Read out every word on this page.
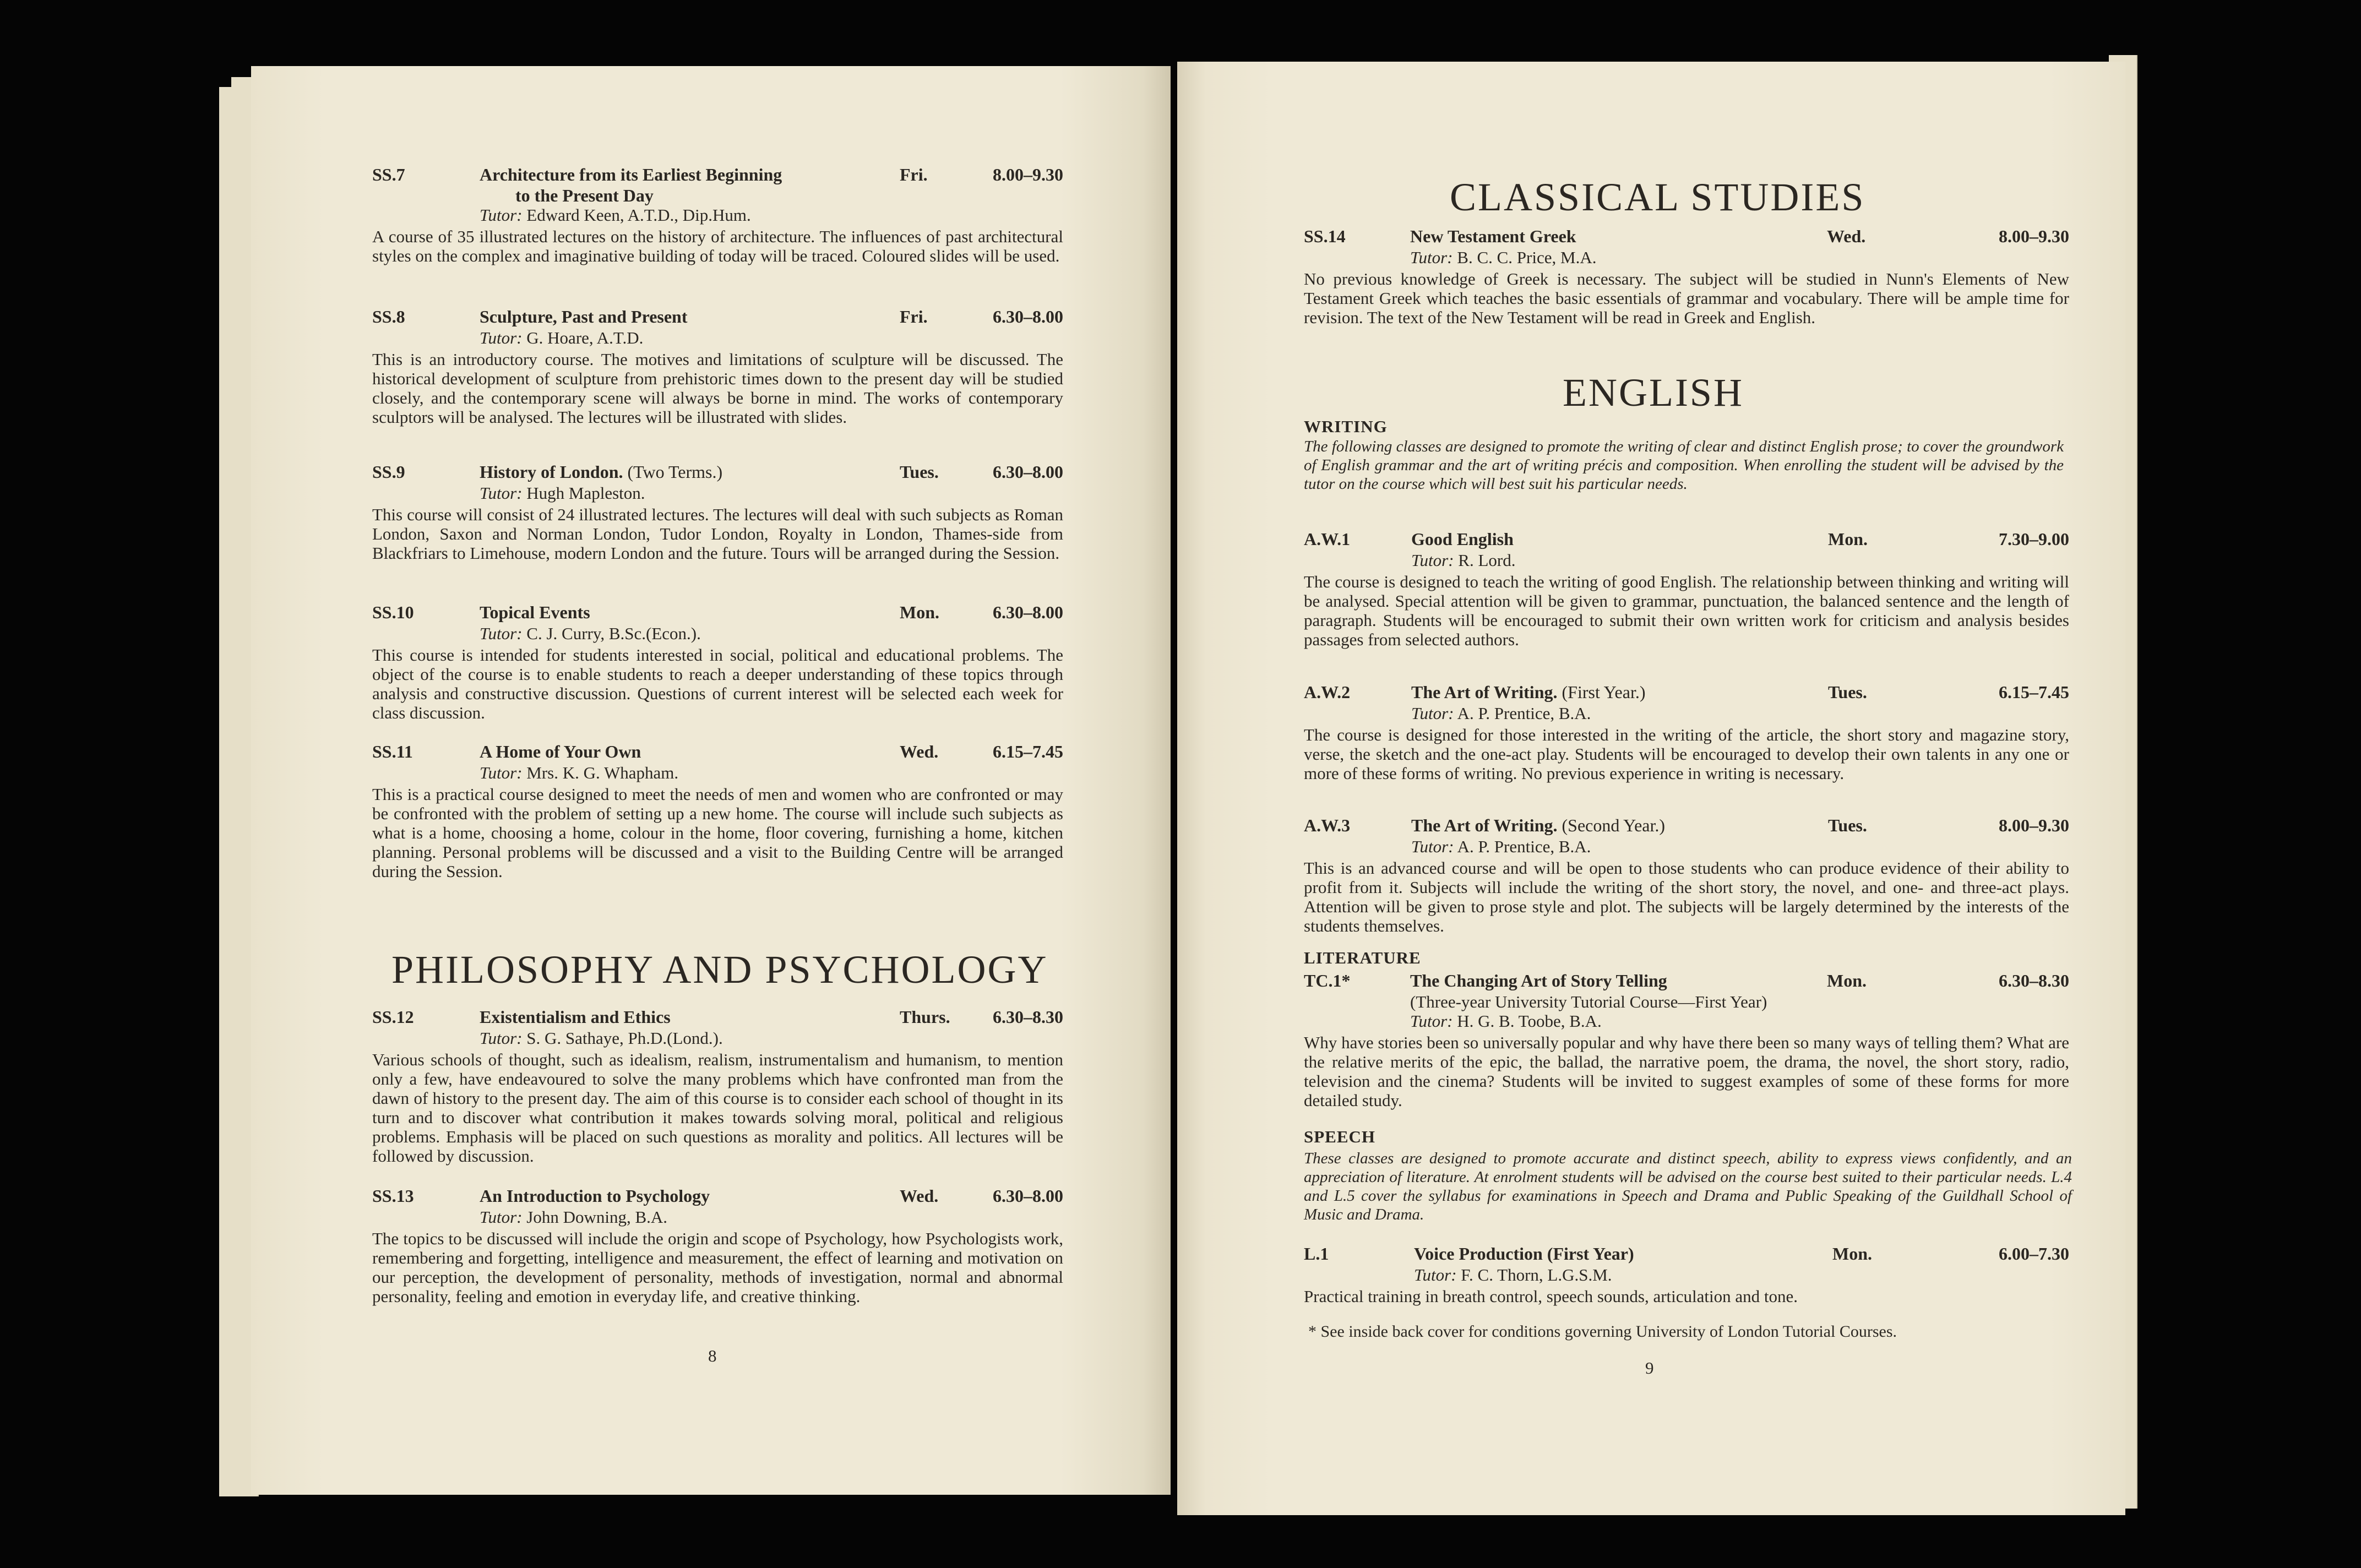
SS.7	Architecture from its Earliest Beginning	Fri.	8.00–9.30
to the Present Day
Tutor: Edward Keen, A.T.D., Dip.Hum.
A course of 35 illustrated lectures on the history of architecture. The influences of past architectural styles on the complex and imaginative building of today will be traced. Coloured slides will be used.
SS.8	Sculpture, Past and Present	Fri.	6.30–8.00
Tutor: G. Hoare, A.T.D.
This is an introductory course. The motives and limitations of sculpture will be discussed. The historical development of sculpture from prehistoric times down to the present day will be studied closely, and the contemporary scene will always be borne in mind. The works of contemporary sculptors will be analysed. The lectures will be illustrated with slides.
SS.9	History of London. (Two Terms.)	Tues.	6.30–8.00
Tutor: Hugh Mapleston.
This course will consist of 24 illustrated lectures. The lectures will deal with such subjects as Roman London, Saxon and Norman London, Tudor London, Royalty in London, Thames-side from Blackfriars to Limehouse, modern London and the future. Tours will be arranged during the Session.
SS.10	Topical Events	Mon.	6.30–8.00
Tutor: C. J. Curry, B.Sc.(Econ.).
This course is intended for students interested in social, political and educational problems. The object of the course is to enable students to reach a deeper understanding of these topics through analysis and constructive discussion. Questions of current interest will be selected each week for class discussion.
SS.11	A Home of Your Own	Wed.	6.15–7.45
Tutor: Mrs. K. G. Whapham.
This is a practical course designed to meet the needs of men and women who are confronted or may be confronted with the problem of setting up a new home. The course will include such subjects as what is a home, choosing a home, colour in the home, floor covering, furnishing a home, kitchen planning. Personal problems will be discussed and a visit to the Building Centre will be arranged during the Session.
PHILOSOPHY AND PSYCHOLOGY
SS.12	Existentialism and Ethics	Thurs. 6.30–8.30
Tutor: S. G. Sathaye, Ph.D.(Lond.).
Various schools of thought, such as idealism, realism, instrumentalism and humanism, to mention only a few, have endeavoured to solve the many problems which have confronted man from the dawn of history to the present day. The aim of this course is to consider each school of thought in its turn and to discover what contribution it makes towards solving moral, political and religious problems. Emphasis will be placed on such questions as morality and politics. All lectures will be followed by discussion.
SS.13	An Introduction to Psychology	Wed.	6.30–8.00
Tutor: John Downing, B.A.
The topics to be discussed will include the origin and scope of Psychology, how Psychologists work, remembering and forgetting, intelligence and measurement, the effect of learning and motivation on our perception, the development of personality, methods of investigation, normal and abnormal personality, feeling and emotion in everyday life, and creative thinking.
8
CLASSICAL STUDIES
SS.14	New Testament Greek	Wed.	8.00–9.30
Tutor: B. C. C. Price, M.A.
No previous knowledge of Greek is necessary. The subject will be studied in Nunn's Elements of New Testament Greek which teaches the basic essentials of grammar and vocabulary. There will be ample time for revision. The text of the New Testament will be read in Greek and English.
ENGLISH
WRITING
The following classes are designed to promote the writing of clear and distinct English prose; to cover the groundwork of English grammar and the art of writing précis and composition. When enrolling the student will be advised by the tutor on the course which will best suit his particular needs.
A.W.1	Good English	Mon.	7.30–9.00
Tutor: R. Lord.
The course is designed to teach the writing of good English. The relationship between thinking and writing will be analysed. Special attention will be given to grammar, punctuation, the balanced sentence and the length of paragraph. Students will be encouraged to submit their own written work for criticism and analysis besides passages from selected authors.
A.W.2	The Art of Writing. (First Year.)	Tues.	6.15–7.45
Tutor: A. P. Prentice, B.A.
The course is designed for those interested in the writing of the article, the short story and magazine story, verse, the sketch and the one-act play. Students will be encouraged to develop their own talents in any one or more of these forms of writing. No previous experience in writing is necessary.
A.W.3	The Art of Writing. (Second Year.)	Tues.	8.00–9.30
Tutor: A. P. Prentice, B.A.
This is an advanced course and will be open to those students who can produce evidence of their ability to profit from it. Subjects will include the writing of the short story, the novel, and one- and three-act plays. Attention will be given to prose style and plot. The subjects will be largely determined by the interests of the students themselves.
LITERATURE
TC.1*	The Changing Art of Story Telling	Mon.	6.30–8.30
(Three-year University Tutorial Course—First Year)
Tutor: H. G. B. Toobe, B.A.
Why have stories been so universally popular and why have there been so many ways of telling them? What are the relative merits of the epic, the ballad, the narrative poem, the drama, the novel, the short story, radio, television and the cinema? Students will be invited to suggest examples of some of these forms for more detailed study.
SPEECH
These classes are designed to promote accurate and distinct speech, ability to express views confidently, and an appreciation of literature. At enrolment students will be advised on the course best suited to their particular needs. L.4 and L.5 cover the syllabus for examinations in Speech and Drama and Public Speaking of the Guildhall School of Music and Drama.
L.1	Voice Production (First Year)	Mon.	6.00–7.30
Tutor: F. C. Thorn, L.G.S.M.
Practical training in breath control, speech sounds, articulation and tone.
* See inside back cover for conditions governing University of London Tutorial Courses.
9
